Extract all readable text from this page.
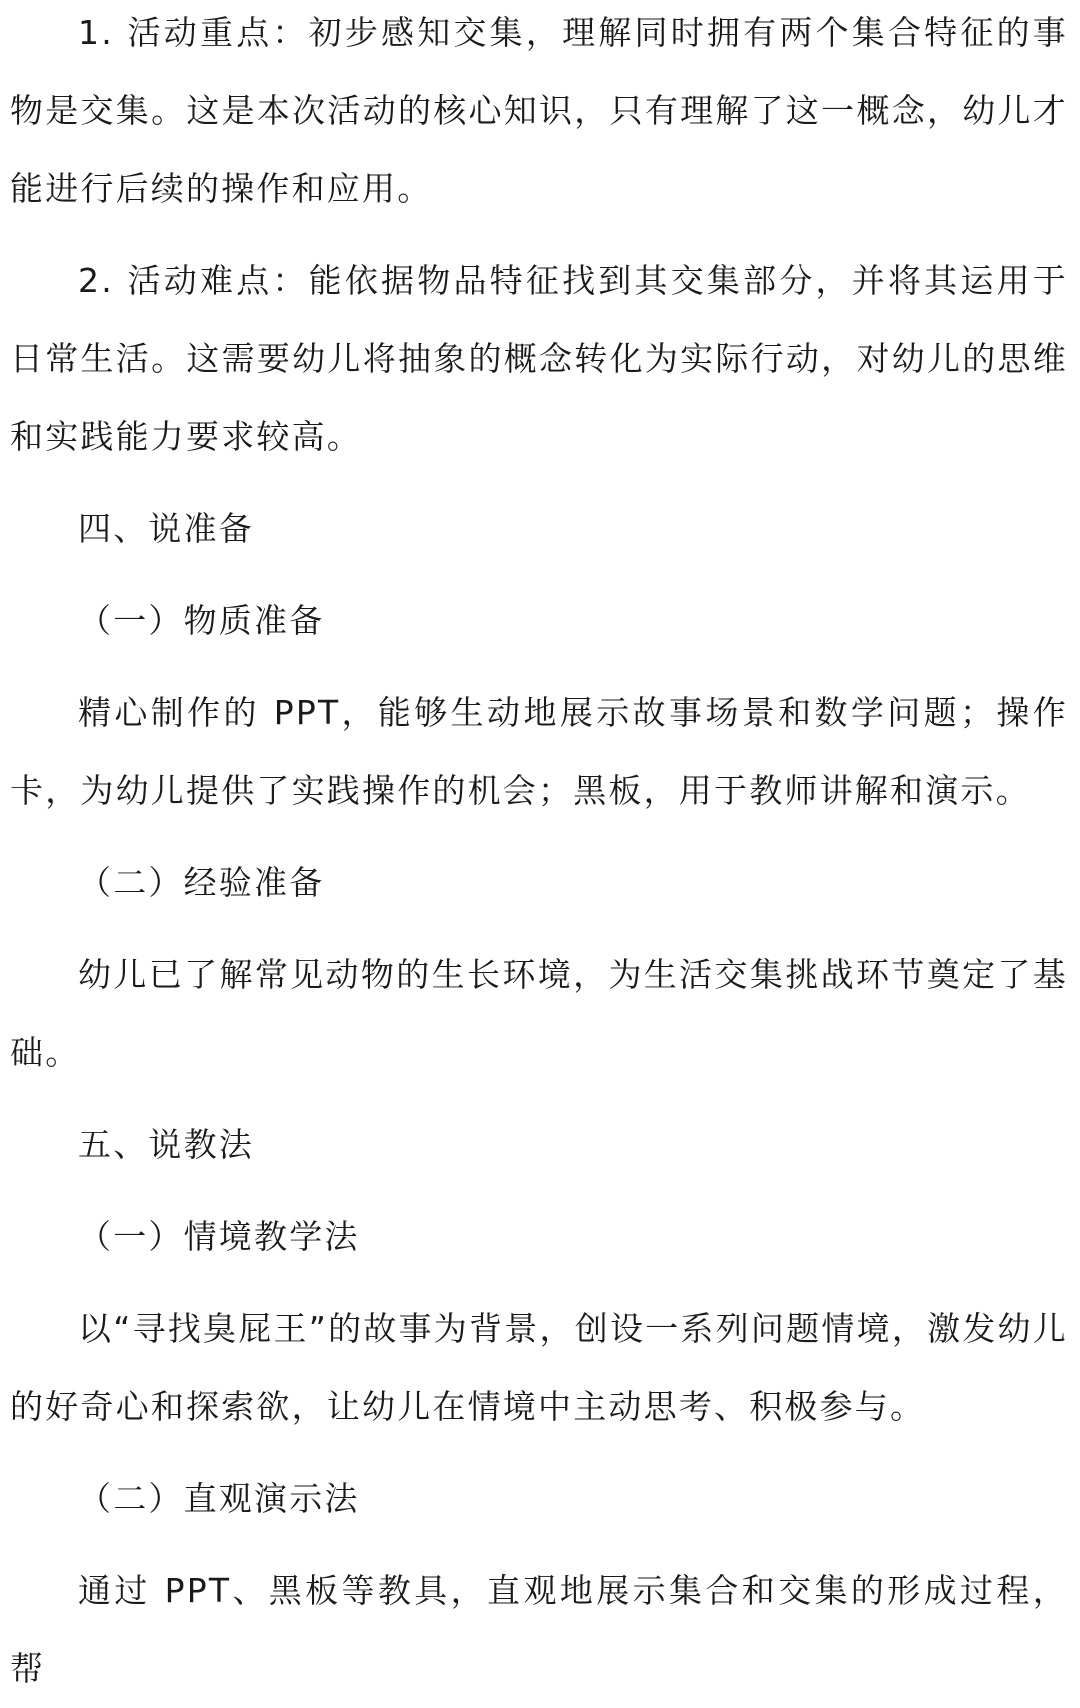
1. 活动重点：初步感知交集，理解同时拥有两个集合特征的事物是交集。这是本次活动的核心知识，只有理解了这一概念，幼儿才能进行后续的操作和应用。

2. 活动难点：能依据物品特征找到其交集部分，并将其运用于日常生活。这需要幼儿将抽象的概念转化为实际行动，对幼儿的思维和实践能力要求较高。

四、说准备

（一）物质准备

精心制作的 PPT，能够生动地展示故事场景和数学问题；操作卡，为幼儿提供了实践操作的机会；黑板，用于教师讲解和演示。

（二）经验准备

幼儿已了解常见动物的生长环境，为生活交集挑战环节奠定了基础。

五、说教法

（一）情境教学法

以“寻找臭屁王”的故事为背景，创设一系列问题情境，激发幼儿的好奇心和探索欲，让幼儿在情境中主动思考、积极参与。

（二）直观演示法

通过 PPT、黑板等教具，直观地展示集合和交集的形成过程，帮
